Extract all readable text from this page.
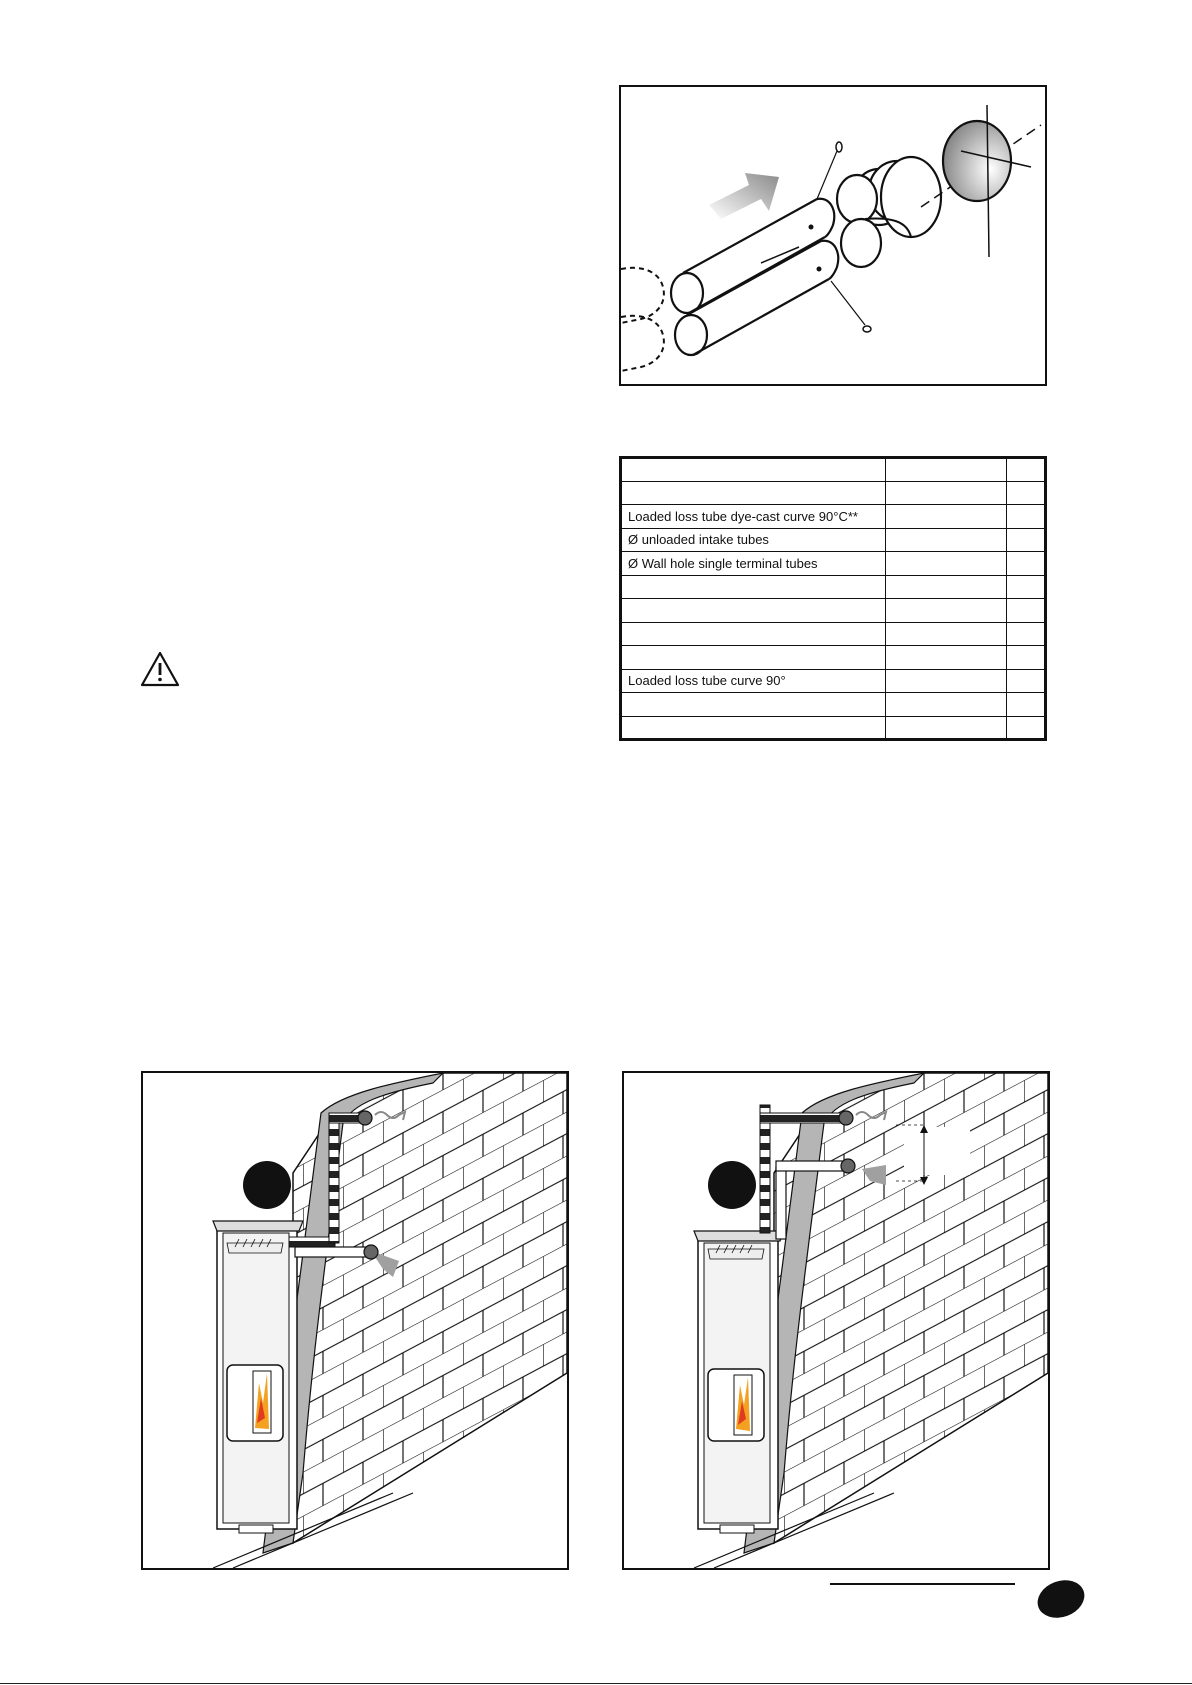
Loaded loss tube dye-cast curve 90°C**		
Ø unloaded intake tubes		
Ø Wall hole single terminal tubes		

Loaded loss tube curve 90°		
